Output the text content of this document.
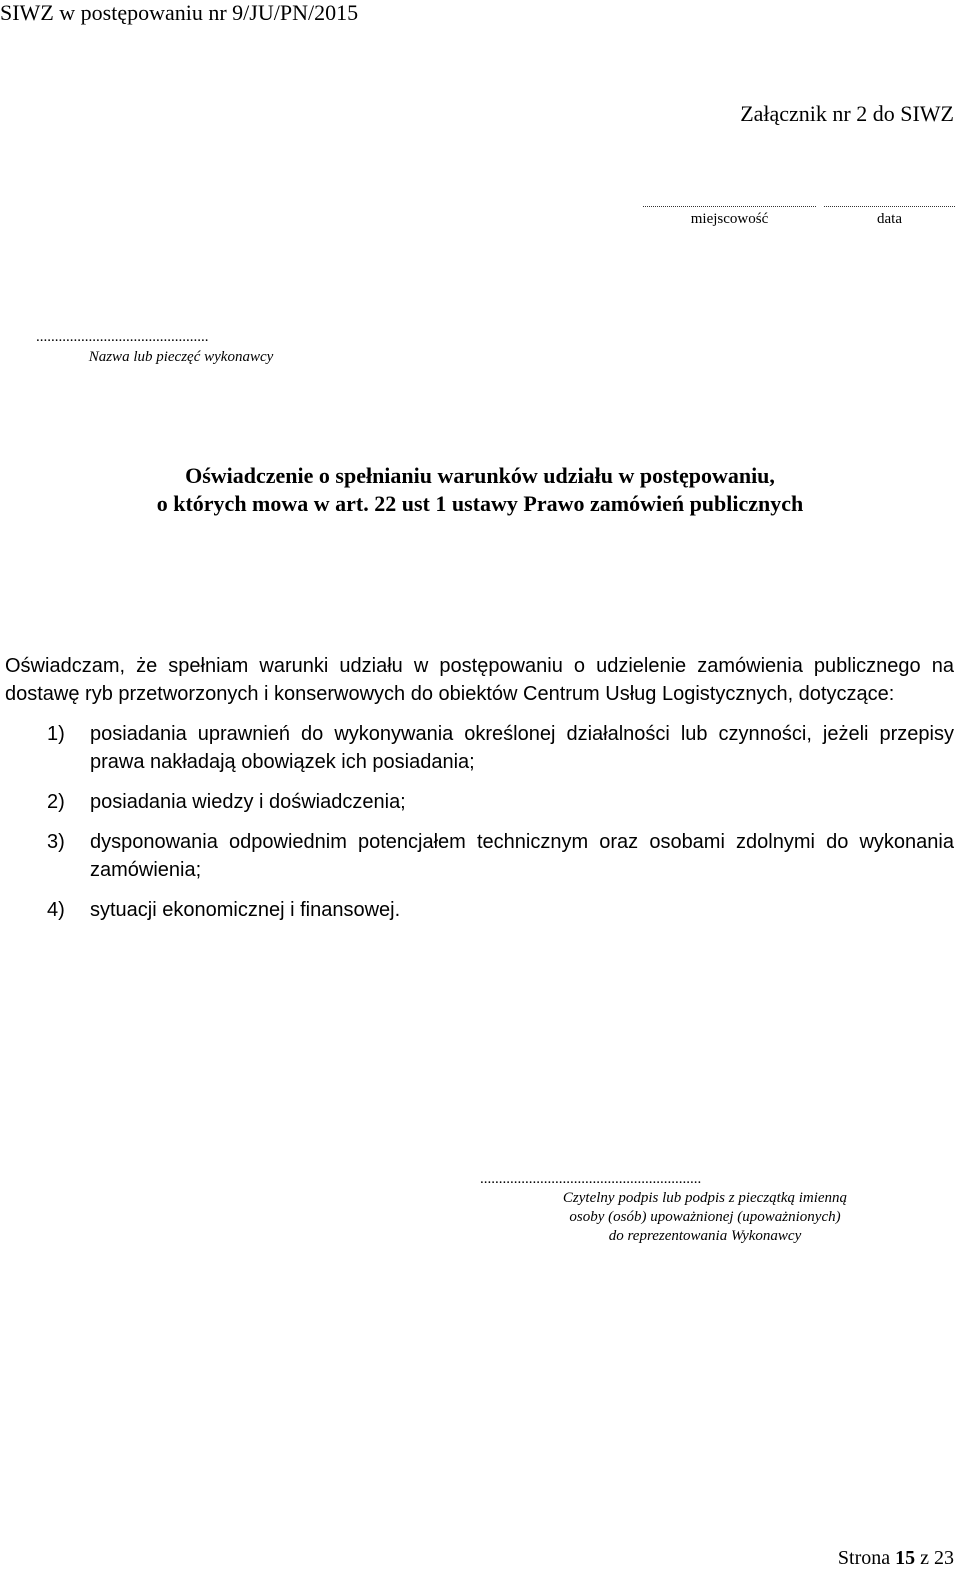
SIWZ w postępowaniu nr 9/JU/PN/2015
Załącznik nr 2 do SIWZ
miejscowość	data
..............................................
Nazwa lub pieczęć wykonawcy
Oświadczenie o spełnianiu warunków udziału w postępowaniu,
o których mowa w art. 22 ust 1 ustawy Prawo zamówień publicznych

Oświadczam, że spełniam warunki udziału w postępowaniu o udzielenie zamówienia publicznego na dostawę ryb przetworzonych i konserwowych do obiektów Centrum Usług Logistycznych, dotyczące:

1) posiadania uprawnień do wykonywania określonej działalności lub czynności, jeżeli przepisy prawa nakładają obowiązek ich posiadania;
2) posiadania wiedzy i doświadczenia;
3) dysponowania odpowiednim potencjałem technicznym oraz osobami zdolnymi do wykonania zamówienia;
4) sytuacji ekonomicznej i finansowej.
...........................................................
Czytelny podpis lub podpis z pieczątką imienną
osoby (osób) upoważnionej (upoważnionych)
do reprezentowania Wykonawcy
Strona 15 z 23
